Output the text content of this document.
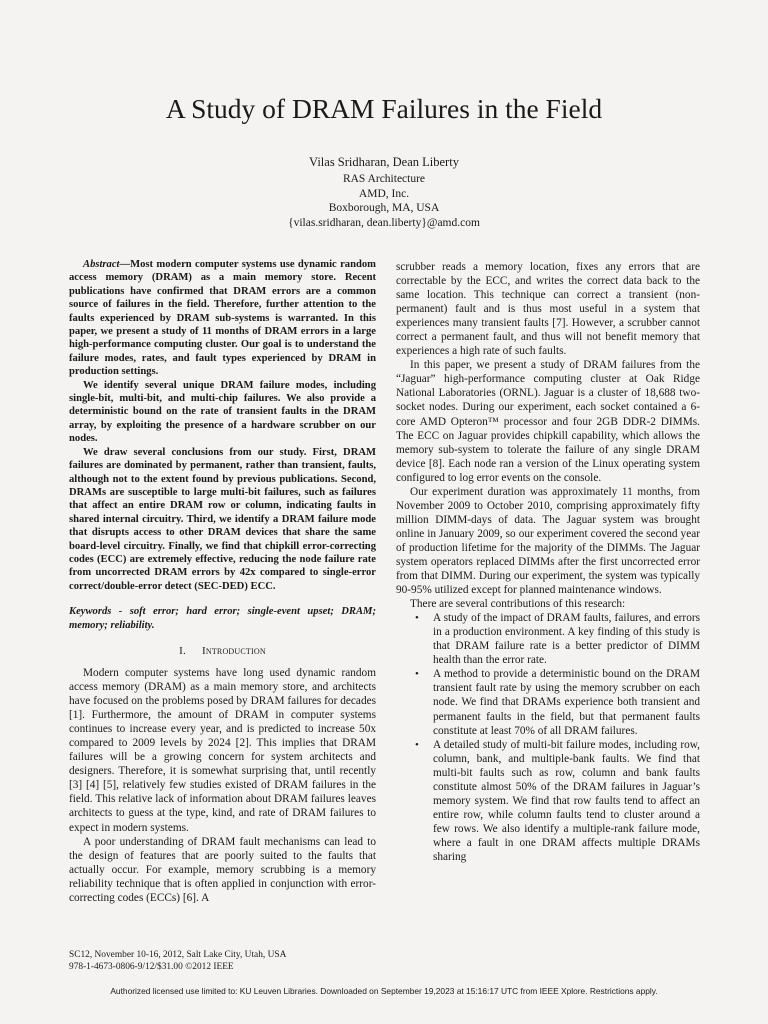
A Study of DRAM Failures in the Field
Vilas Sridharan, Dean Liberty
RAS Architecture
AMD, Inc.
Boxborough, MA, USA
{vilas.sridharan, dean.liberty}@amd.com

Abstract—Most modern computer systems use dynamic random access memory (DRAM) as a main memory store. Recent publications have confirmed that DRAM errors are a common source of failures in the field. Therefore, further attention to the faults experienced by DRAM sub-systems is warranted. In this paper, we present a study of 11 months of DRAM errors in a large high-performance computing cluster. Our goal is to understand the failure modes, rates, and fault types experienced by DRAM in production settings.

We identify several unique DRAM failure modes, including single-bit, multi-bit, and multi-chip failures. We also provide a deterministic bound on the rate of transient faults in the DRAM array, by exploiting the presence of a hardware scrubber on our nodes.

We draw several conclusions from our study. First, DRAM failures are dominated by permanent, rather than transient, faults, although not to the extent found by previous publications. Second, DRAMs are susceptible to large multi-bit failures, such as failures that affect an entire DRAM row or column, indicating faults in shared internal circuitry. Third, we identify a DRAM failure mode that disrupts access to other DRAM devices that share the same board-level circuitry. Finally, we find that chipkill error-correcting codes (ECC) are extremely effective, reducing the node failure rate from uncorrected DRAM errors by 42x compared to single-error correct/double-error detect (SEC-DED) ECC.

Keywords - soft error; hard error; single-event upset; DRAM; memory; reliability.

I. Introduction

Modern computer systems have long used dynamic random access memory (DRAM) as a main memory store, and architects have focused on the problems posed by DRAM failures for decades [1]. Furthermore, the amount of DRAM in computer systems continues to increase every year, and is predicted to increase 50x compared to 2009 levels by 2024 [2]. This implies that DRAM failures will be a growing concern for system architects and designers. Therefore, it is somewhat surprising that, until recently [3] [4] [5], relatively few studies existed of DRAM failures in the field. This relative lack of information about DRAM failures leaves architects to guess at the type, kind, and rate of DRAM failures to expect in modern systems.

A poor understanding of DRAM fault mechanisms can lead to the design of features that are poorly suited to the faults that actually occur. For example, memory scrubbing is a memory reliability technique that is often applied in conjunction with error-correcting codes (ECCs) [6]. A

scrubber reads a memory location, fixes any errors that are correctable by the ECC, and writes the correct data back to the same location. This technique can correct a transient (non-permanent) fault and is thus most useful in a system that experiences many transient faults [7]. However, a scrubber cannot correct a permanent fault, and thus will not benefit memory that experiences a high rate of such faults.

In this paper, we present a study of DRAM failures from the “Jaguar” high-performance computing cluster at Oak Ridge National Laboratories (ORNL). Jaguar is a cluster of 18,688 two-socket nodes. During our experiment, each socket contained a 6-core AMD Opteron™ processor and four 2GB DDR-2 DIMMs. The ECC on Jaguar provides chipkill capability, which allows the memory sub-system to tolerate the failure of any single DRAM device [8]. Each node ran a version of the Linux operating system configured to log error events on the console.

Our experiment duration was approximately 11 months, from November 2009 to October 2010, comprising approximately fifty million DIMM-days of data. The Jaguar system was brought online in January 2009, so our experiment covered the second year of production lifetime for the majority of the DIMMs. The Jaguar system operators replaced DIMMs after the first uncorrected error from that DIMM. During our experiment, the system was typically 90-95% utilized except for planned maintenance windows.

There are several contributions of this research:

• A study of the impact of DRAM faults, failures, and errors in a production environment. A key finding of this study is that DRAM failure rate is a better predictor of DIMM health than the error rate.
• A method to provide a deterministic bound on the DRAM transient fault rate by using the memory scrubber on each node. We find that DRAMs experience both transient and permanent faults in the field, but that permanent faults constitute at least 70% of all DRAM failures.
• A detailed study of multi-bit failure modes, including row, column, bank, and multiple-bank faults. We find that multi-bit faults such as row, column and bank faults constitute almost 50% of the DRAM failures in Jaguar’s memory system. We find that row faults tend to affect an entire row, while column faults tend to cluster around a few rows. We also identify a multiple-rank failure mode, where a fault in one DRAM affects multiple DRAMs sharing
SC12, November 10-16, 2012, Salt Lake City, Utah, USA
978-1-4673-0806-9/12/$31.00 ©2012 IEEE
Authorized licensed use limited to: KU Leuven Libraries. Downloaded on September 19,2023 at 15:16:17 UTC from IEEE Xplore. Restrictions apply.
